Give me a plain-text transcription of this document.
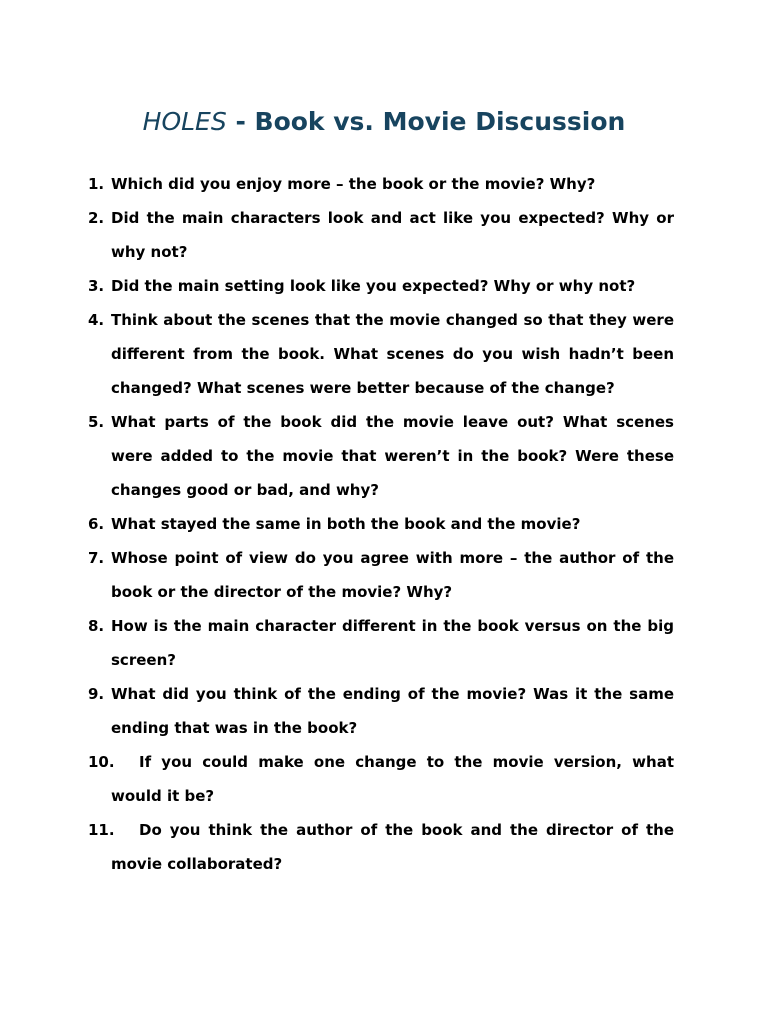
HOLES - Book vs. Movie Discussion
1. Which did you enjoy more – the book or the movie? Why?
2. Did the main characters look and act like you expected? Why or why not?
3. Did the main setting look like you expected? Why or why not?
4. Think about the scenes that the movie changed so that they were different from the book. What scenes do you wish hadn’t been changed? What scenes were better because of the change?
5. What parts of the book did the movie leave out? What scenes were added to the movie that weren’t in the book? Were these changes good or bad, and why?
6. What stayed the same in both the book and the movie?
7. Whose point of view do you agree with more – the author of the book or the director of the movie? Why?
8. How is the main character different in the book versus on the big screen?
9. What did you think of the ending of the movie? Was it the same ending that was in the book?
10. If you could make one change to the movie version, what would it be?
11. Do you think the author of the book and the director of the movie collaborated?
